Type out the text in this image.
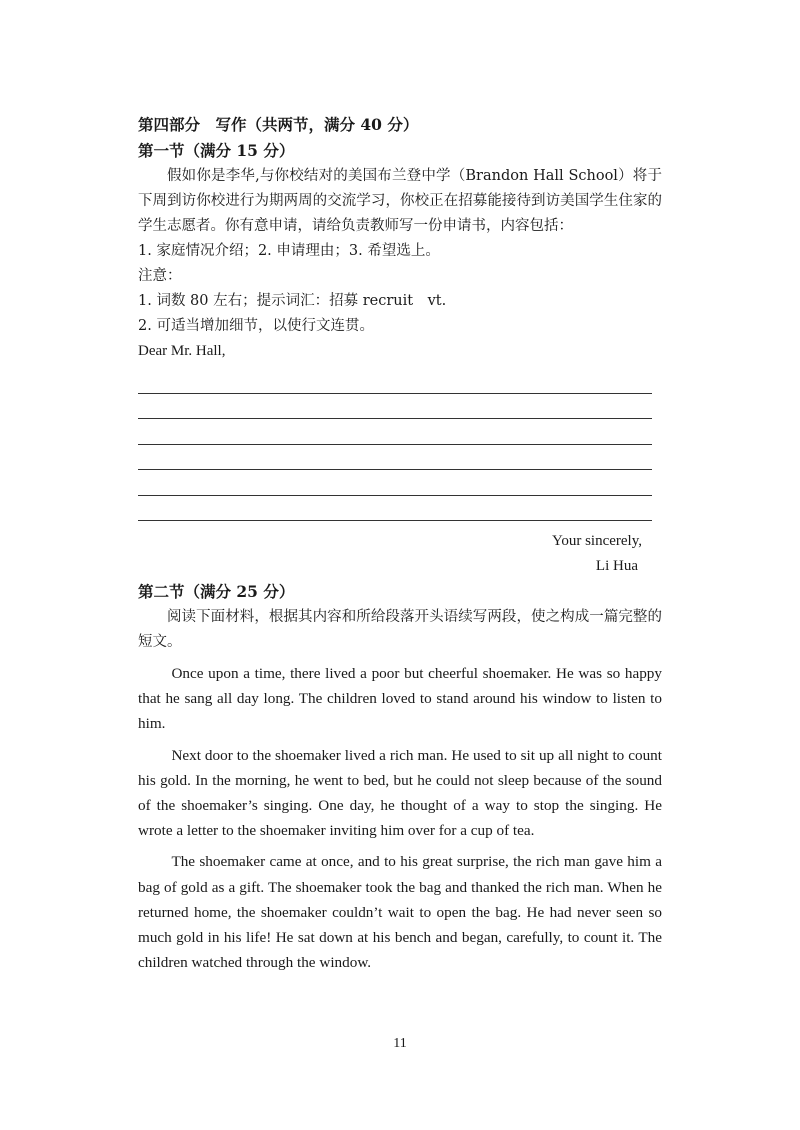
第四部分　写作（共两节，满分 40 分）

第一节（满分 15 分）

假如你是李华,与你校结对的美国布兰登中学（Brandon Hall School）将于下周到访你校进行为期两周的交流学习，你校正在招募能接待到访美国学生住家的学生志愿者。你有意申请，请给负责教师写一份申请书，内容包括：

1. 家庭情况介绍；2. 申请理由；3. 希望选上。

注意：

1. 词数 80 左右；提示词汇：招募 recruit　vt.

2. 可适当增加细节，以使行文连贯。

Dear Mr. Hall,

Your sincerely,
Li Hua

第二节（满分 25 分）

阅读下面材料，根据其内容和所给段落开头语续写两段，使之构成一篇完整的短文。

Once upon a time, there lived a poor but cheerful shoemaker. He was so happy that he sang all day long. The children loved to stand around his window to listen to him.

Next door to the shoemaker lived a rich man. He used to sit up all night to count his gold. In the morning, he went to bed, but he could not sleep because of the sound of the shoemaker’s singing. One day, he thought of a way to stop the singing. He wrote a letter to the shoemaker inviting him over for a cup of tea.

The shoemaker came at once, and to his great surprise, the rich man gave him a bag of gold as a gift. The shoemaker took the bag and thanked the rich man. When he returned home, the shoemaker couldn’t wait to open the bag. He had never seen so much gold in his life! He sat down at his bench and began, carefully, to count it. The children watched through the window.

11
